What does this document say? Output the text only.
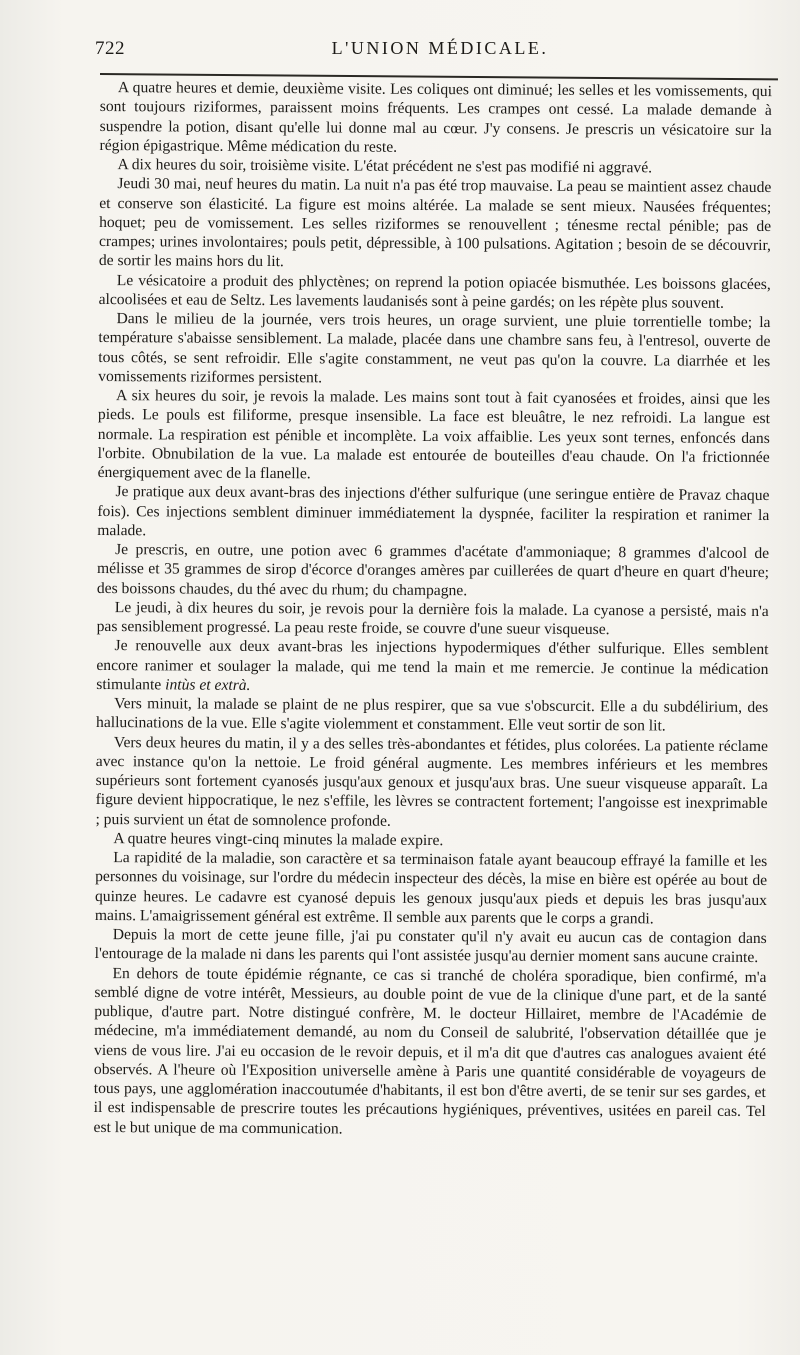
722	L'UNION MÉDICALE.

A quatre heures et demie, deuxième visite. Les coliques ont diminué; les selles et les vomissements, qui sont toujours riziformes, paraissent moins fréquents. Les crampes ont cessé. La malade demande à suspendre la potion, disant qu'elle lui donne mal au cœur. J'y consens. Je prescris un vésicatoire sur la région épigastrique. Même médication du reste.

A dix heures du soir, troisième visite. L'état précédent ne s'est pas modifié ni aggravé.

Jeudi 30 mai, neuf heures du matin. La nuit n'a pas été trop mauvaise. La peau se maintient assez chaude et conserve son élasticité. La figure est moins altérée. La malade se sent mieux. Nausées fréquentes; hoquet; peu de vomissement. Les selles riziformes se renouvellent ; ténesme rectal pénible; pas de crampes; urines involontaires; pouls petit, dépressible, à 100 pulsations. Agitation ; besoin de se découvrir, de sortir les mains hors du lit.

Le vésicatoire a produit des phlyctènes; on reprend la potion opiacée bismuthée. Les boissons glacées, alcoolisées et eau de Seltz. Les lavements laudanisés sont à peine gardés; on les répète plus souvent.

Dans le milieu de la journée, vers trois heures, un orage survient, une pluie torrentielle tombe; la température s'abaisse sensiblement. La malade, placée dans une chambre sans feu, à l'entresol, ouverte de tous côtés, se sent refroidir. Elle s'agite constamment, ne veut pas qu'on la couvre. La diarrhée et les vomissements riziformes persistent.

A six heures du soir, je revois la malade. Les mains sont tout à fait cyanosées et froides, ainsi que les pieds. Le pouls est filiforme, presque insensible. La face est bleuâtre, le nez refroidi. La langue est normale. La respiration est pénible et incomplète. La voix affaiblie. Les yeux sont ternes, enfoncés dans l'orbite. Obnubilation de la vue. La malade est entourée de bouteilles d'eau chaude. On l'a frictionnée énergiquement avec de la flanelle.

Je pratique aux deux avant-bras des injections d'éther sulfurique (une seringue entière de Pravaz chaque fois). Ces injections semblent diminuer immédiatement la dyspnée, faciliter la respiration et ranimer la malade.

Je prescris, en outre, une potion avec 6 grammes d'acétate d'ammoniaque; 8 grammes d'alcool de mélisse et 35 grammes de sirop d'écorce d'oranges amères par cuillerées de quart d'heure en quart d'heure; des boissons chaudes, du thé avec du rhum; du champagne.

Le jeudi, à dix heures du soir, je revois pour la dernière fois la malade. La cyanose a persisté, mais n'a pas sensiblement progressé. La peau reste froide, se couvre d'une sueur visqueuse.

Je renouvelle aux deux avant-bras les injections hypodermiques d'éther sulfurique. Elles semblent encore ranimer et soulager la malade, qui me tend la main et me remercie. Je continue la médication stimulante intùs et extrà.

Vers minuit, la malade se plaint de ne plus respirer, que sa vue s'obscurcit. Elle a du subdélirium, des hallucinations de la vue. Elle s'agite violemment et constamment. Elle veut sortir de son lit.

Vers deux heures du matin, il y a des selles très-abondantes et fétides, plus colorées. La patiente réclame avec instance qu'on la nettoie. Le froid général augmente. Les membres inférieurs et les membres supérieurs sont fortement cyanosés jusqu'aux genoux et jusqu'aux bras. Une sueur visqueuse apparaît. La figure devient hippocratique, le nez s'effile, les lèvres se contractent fortement; l'angoisse est inexprimable ; puis survient un état de somnolence profonde.

A quatre heures vingt-cinq minutes la malade expire.

La rapidité de la maladie, son caractère et sa terminaison fatale ayant beaucoup effrayé la famille et les personnes du voisinage, sur l'ordre du médecin inspecteur des décès, la mise en bière est opérée au bout de quinze heures. Le cadavre est cyanosé depuis les genoux jusqu'aux pieds et depuis les bras jusqu'aux mains. L'amaigrissement général est extrême. Il semble aux parents que le corps a grandi.

Depuis la mort de cette jeune fille, j'ai pu constater qu'il n'y avait eu aucun cas de contagion dans l'entourage de la malade ni dans les parents qui l'ont assistée jusqu'au dernier moment sans aucune crainte.

En dehors de toute épidémie régnante, ce cas si tranché de choléra sporadique, bien confirmé, m'a semblé digne de votre intérêt, Messieurs, au double point de vue de la clinique d'une part, et de la santé publique, d'autre part. Notre distingué confrère, M. le docteur Hillairet, membre de l'Académie de médecine, m'a immédiatement demandé, au nom du Conseil de salubrité, l'observation détaillée que je viens de vous lire. J'ai eu occasion de le revoir depuis, et il m'a dit que d'autres cas analogues avaient été observés. A l'heure où l'Exposition universelle amène à Paris une quantité considérable de voyageurs de tous pays, une agglomération inaccoutumée d'habitants, il est bon d'être averti, de se tenir sur ses gardes, et il est indispensable de prescrire toutes les précautions hygiéniques, préventives, usitées en pareil cas. Tel est le but unique de ma communication.
